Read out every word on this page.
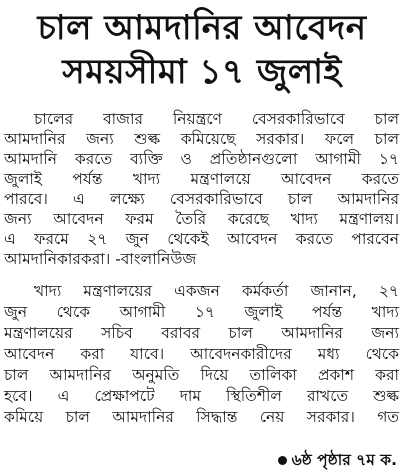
চাল আমদানির আবেদন
সময়সীমা ১৭ জুলাই
চালের বাজার নিয়ন্ত্রণে বেসরকারিভাবে চাল
আমদানির জন্য শুল্ক কমিয়েছে সরকার। ফলে চাল
আমদানি করতে ব্যক্তি ও প্রতিষ্ঠানগুলো আগামী ১৭
জুলাই পর্যন্ত খাদ্য মন্ত্রণালয়ে আবেদন করতে
পারবে। এ লক্ষ্যে বেসরকারিভাবে চাল আমদানির
জন্য আবেদন ফরম তৈরি করেছে খাদ্য মন্ত্রণালয়।
এ ফরমে ২৭ জুন থেকেই আবেদন করতে পারবেন
আমদানিকারকরা। -বাংলানিউজ
খাদ্য মন্ত্রণালয়ের একজন কর্মকর্তা জানান, ২৭
জুন থেকে আগামী ১৭ জুলাই পর্যন্ত খাদ্য
মন্ত্রণালয়ের সচিব বরাবর চাল আমদানির জন্য
আবেদন করা যাবে। আবেদনকারীদের মধ্য থেকে
চাল আমদানির অনুমতি দিয়ে তালিকা প্রকাশ করা
হবে। এ প্রেক্ষাপটে দাম স্থিতিশীল রাখতে শুল্ক
কমিয়ে চাল আমদানির সিদ্ধান্ত নেয় সরকার। গত
৬ষ্ঠ পৃষ্ঠার ৭ম ক.
